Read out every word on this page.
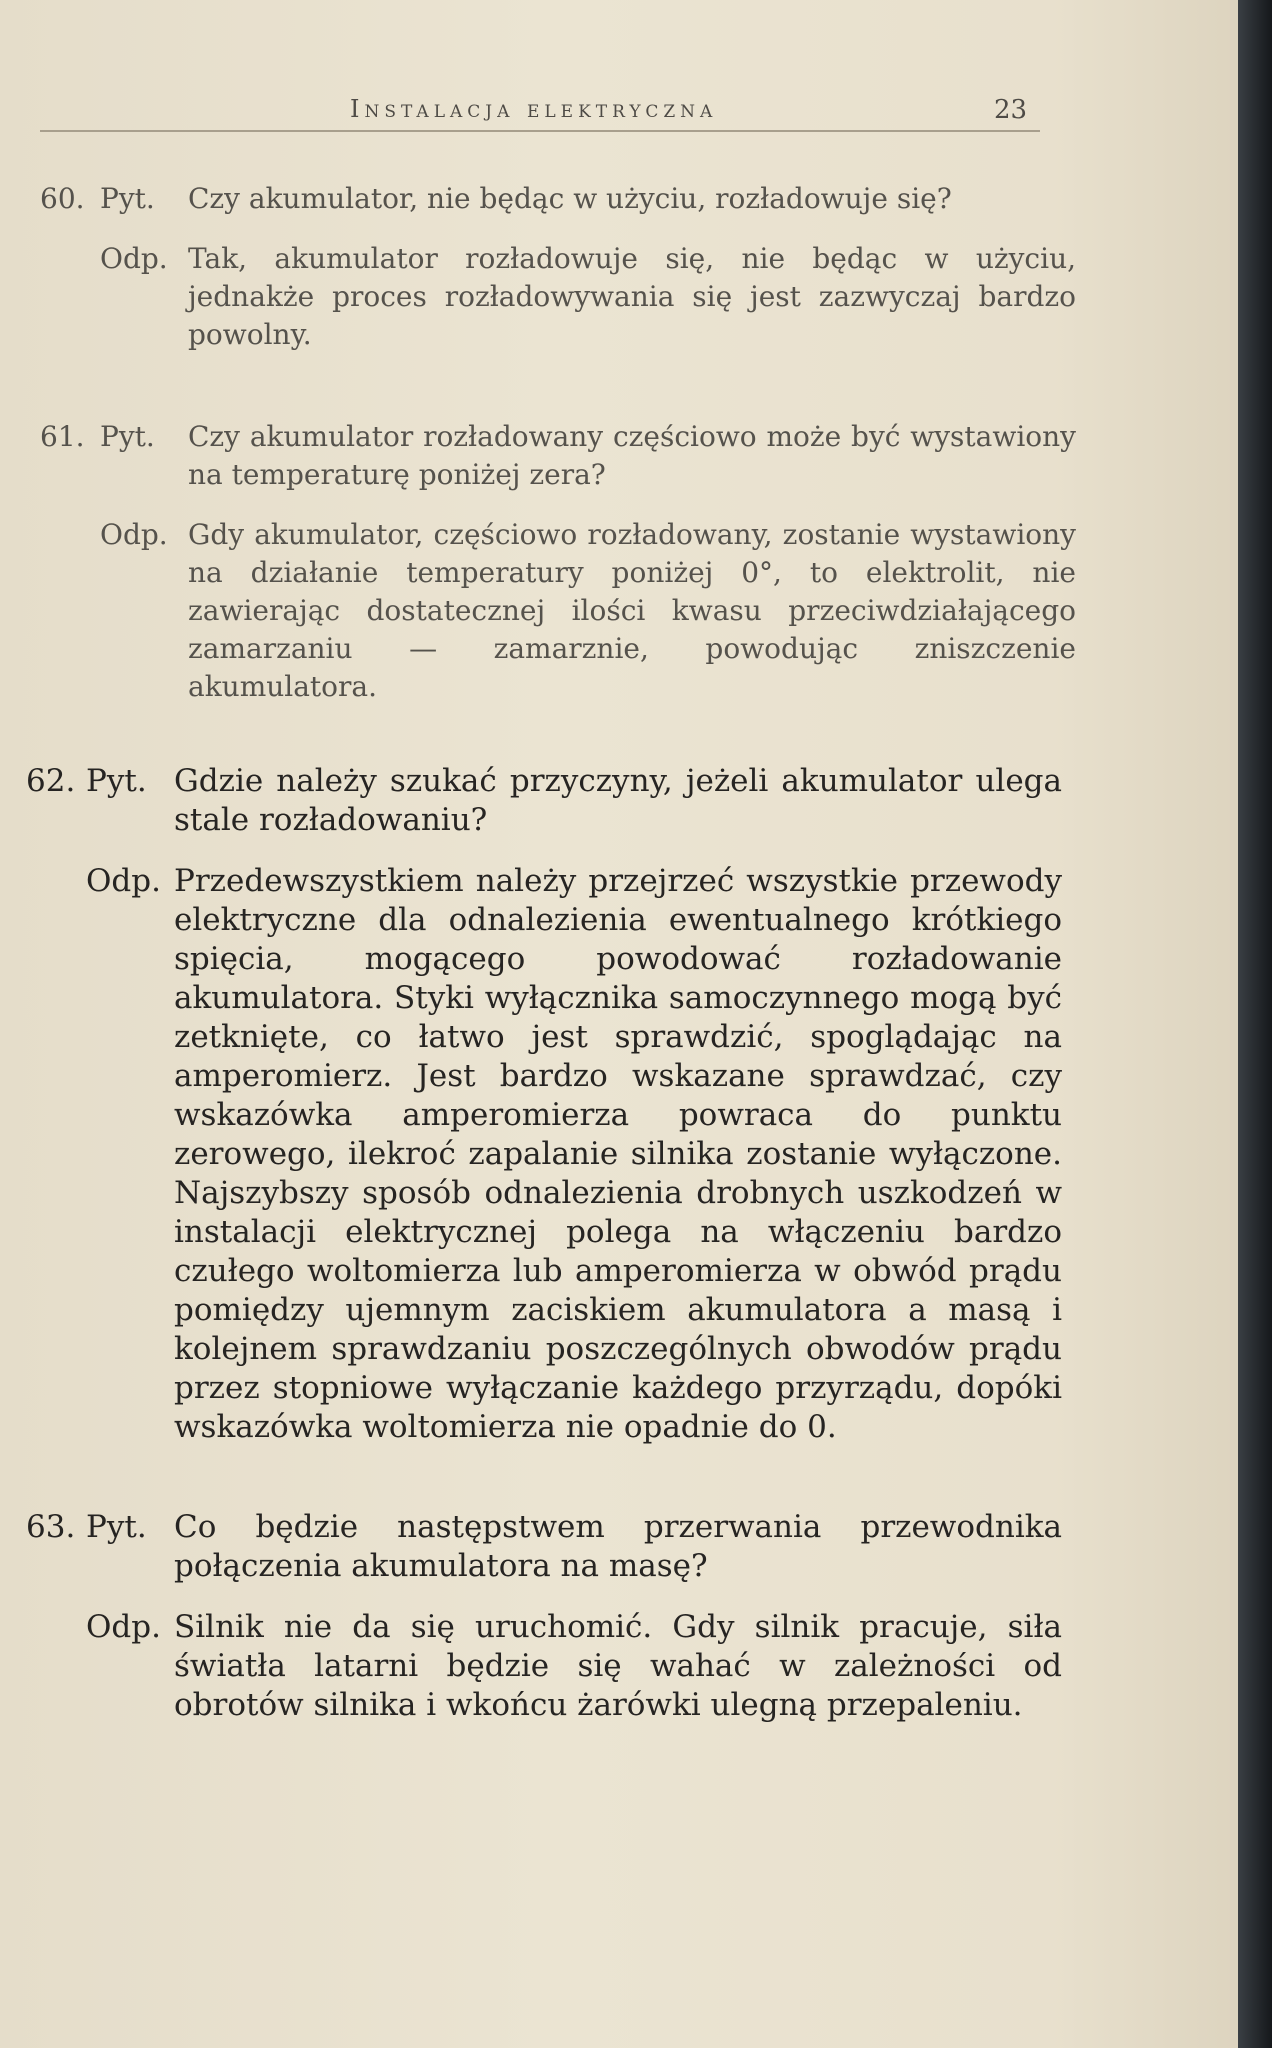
Instalacja elektryczna	23
60. Pyt. Czy akumulator, nie będąc w użyciu, rozładowuje się?
Odp. Tak, akumulator rozładowuje się, nie będąc w użyciu, jednakże proces rozładowywania się jest zazwyczaj bardzo powolny.
61. Pyt. Czy akumulator rozładowany częściowo może być wystawiony na temperaturę poniżej zera?
Odp. Gdy akumulator, częściowo rozładowany, zostanie wystawiony na działanie temperatury poniżej 0°, to elektrolit, nie zawierając dostatecznej ilości kwasu przeciwdziałającego zamarzaniu — zamarznie, powodując zniszczenie akumulatora.
62. Pyt. Gdzie należy szukać przyczyny, jeżeli akumulator ulega stale rozładowaniu?
Odp. Przedewszystkiem należy przejrzeć wszystkie przewody elektryczne dla odnalezienia ewentualnego krótkiego spięcia, mogącego powodować rozładowanie akumulatora. Styki wyłącznika samoczynnego mogą być zetknięte, co łatwo jest sprawdzić, spoglądając na amperomierz. Jest bardzo wskazane sprawdzać, czy wskazówka amperomierza powraca do punktu zerowego, ilekroć zapalanie silnika zostanie wyłączone. Najszybszy sposób odnalezienia drobnych uszkodzeń w instalacji elektrycznej polega na włączeniu bardzo czułego woltomierza lub amperomierza w obwód prądu pomiędzy ujemnym zaciskiem akumulatora a masą i kolejnem sprawdzaniu poszczególnych obwodów prądu przez stopniowe wyłączanie każdego przyrządu, dopóki wskazówka woltomierza nie opadnie do 0.
63. Pyt. Co będzie następstwem przerwania przewodnika połączenia akumulatora na masę?
Odp. Silnik nie da się uruchomić. Gdy silnik pracuje, siła światła latarni będzie się wahać w zależności od obrotów silnika i wkońcu żarówki ulegną przepaleniu.
